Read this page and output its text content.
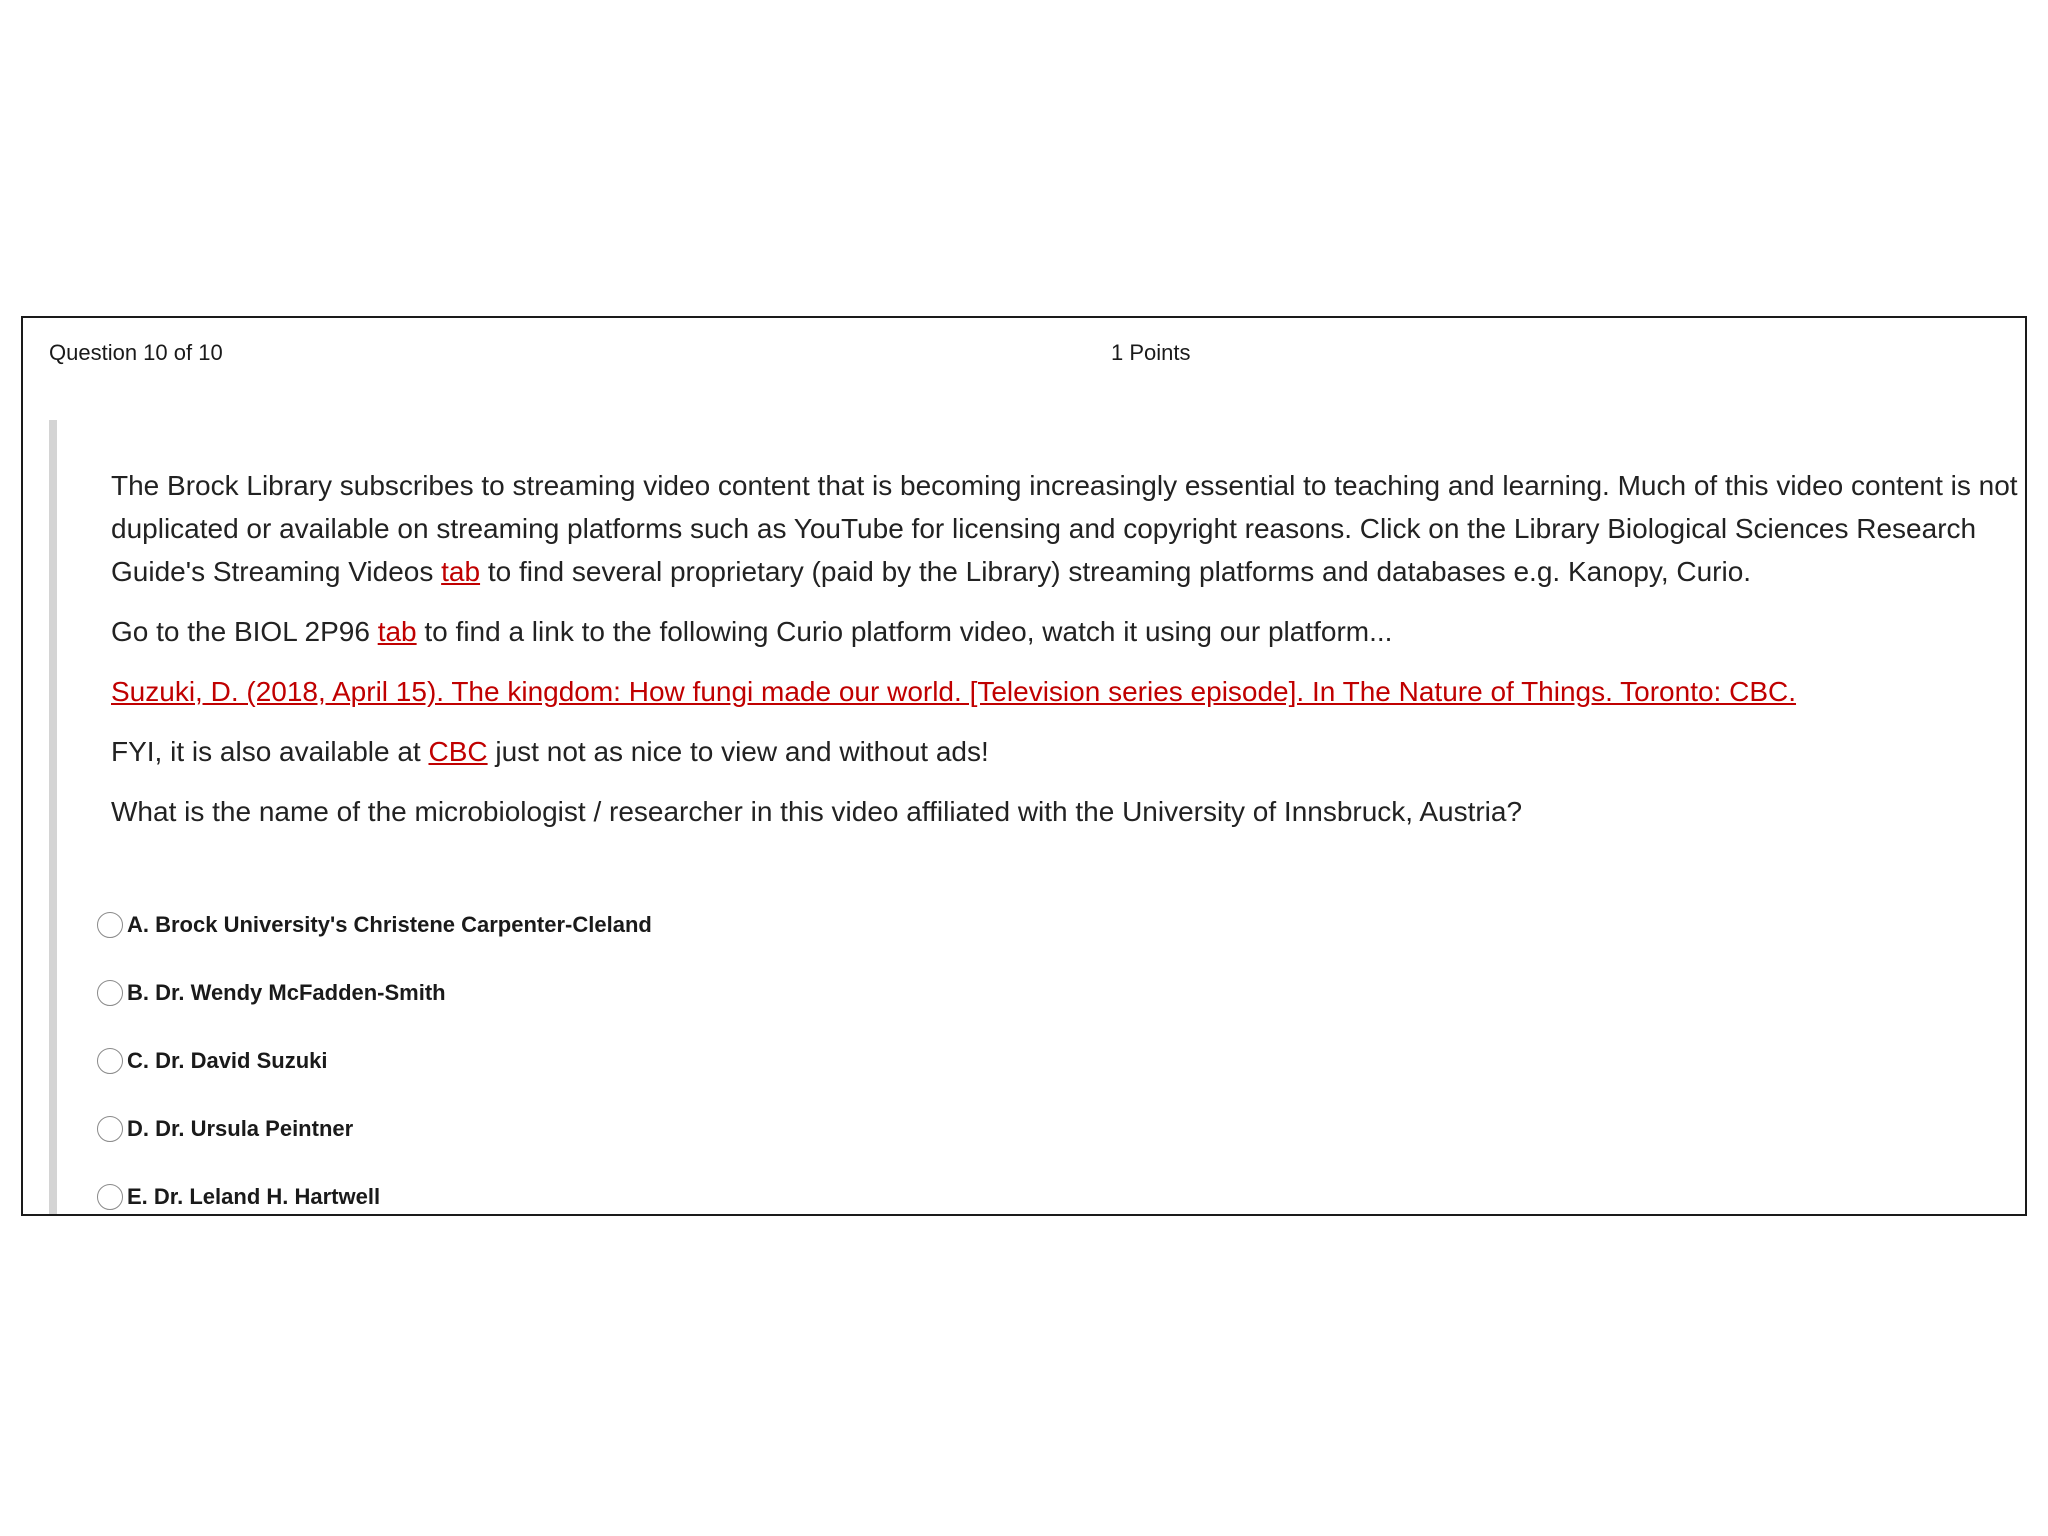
Question 10 of 10	1 Points

The Brock Library subscribes to streaming video content that is becoming increasingly essential to teaching and learning. Much of this video content is not duplicated or available on streaming platforms such as YouTube for licensing and copyright reasons. Click on the Library Biological Sciences Research Guide's Streaming Videos tab to find several proprietary (paid by the Library) streaming platforms and databases e.g. Kanopy, Curio.

Go to the BIOL 2P96 tab to find a link to the following Curio platform video, watch it using our platform...

Suzuki, D. (2018, April 15). The kingdom: How fungi made our world. [Television series episode]. In The Nature of Things. Toronto: CBC.

FYI, it is also available at CBC just not as nice to view and without ads!

What is the name of the microbiologist / researcher in this video affiliated with the University of Innsbruck, Austria?

A. Brock University's Christene Carpenter-Cleland
B. Dr. Wendy McFadden-Smith
C. Dr. David Suzuki
D. Dr. Ursula Peintner
E. Dr. Leland H. Hartwell
